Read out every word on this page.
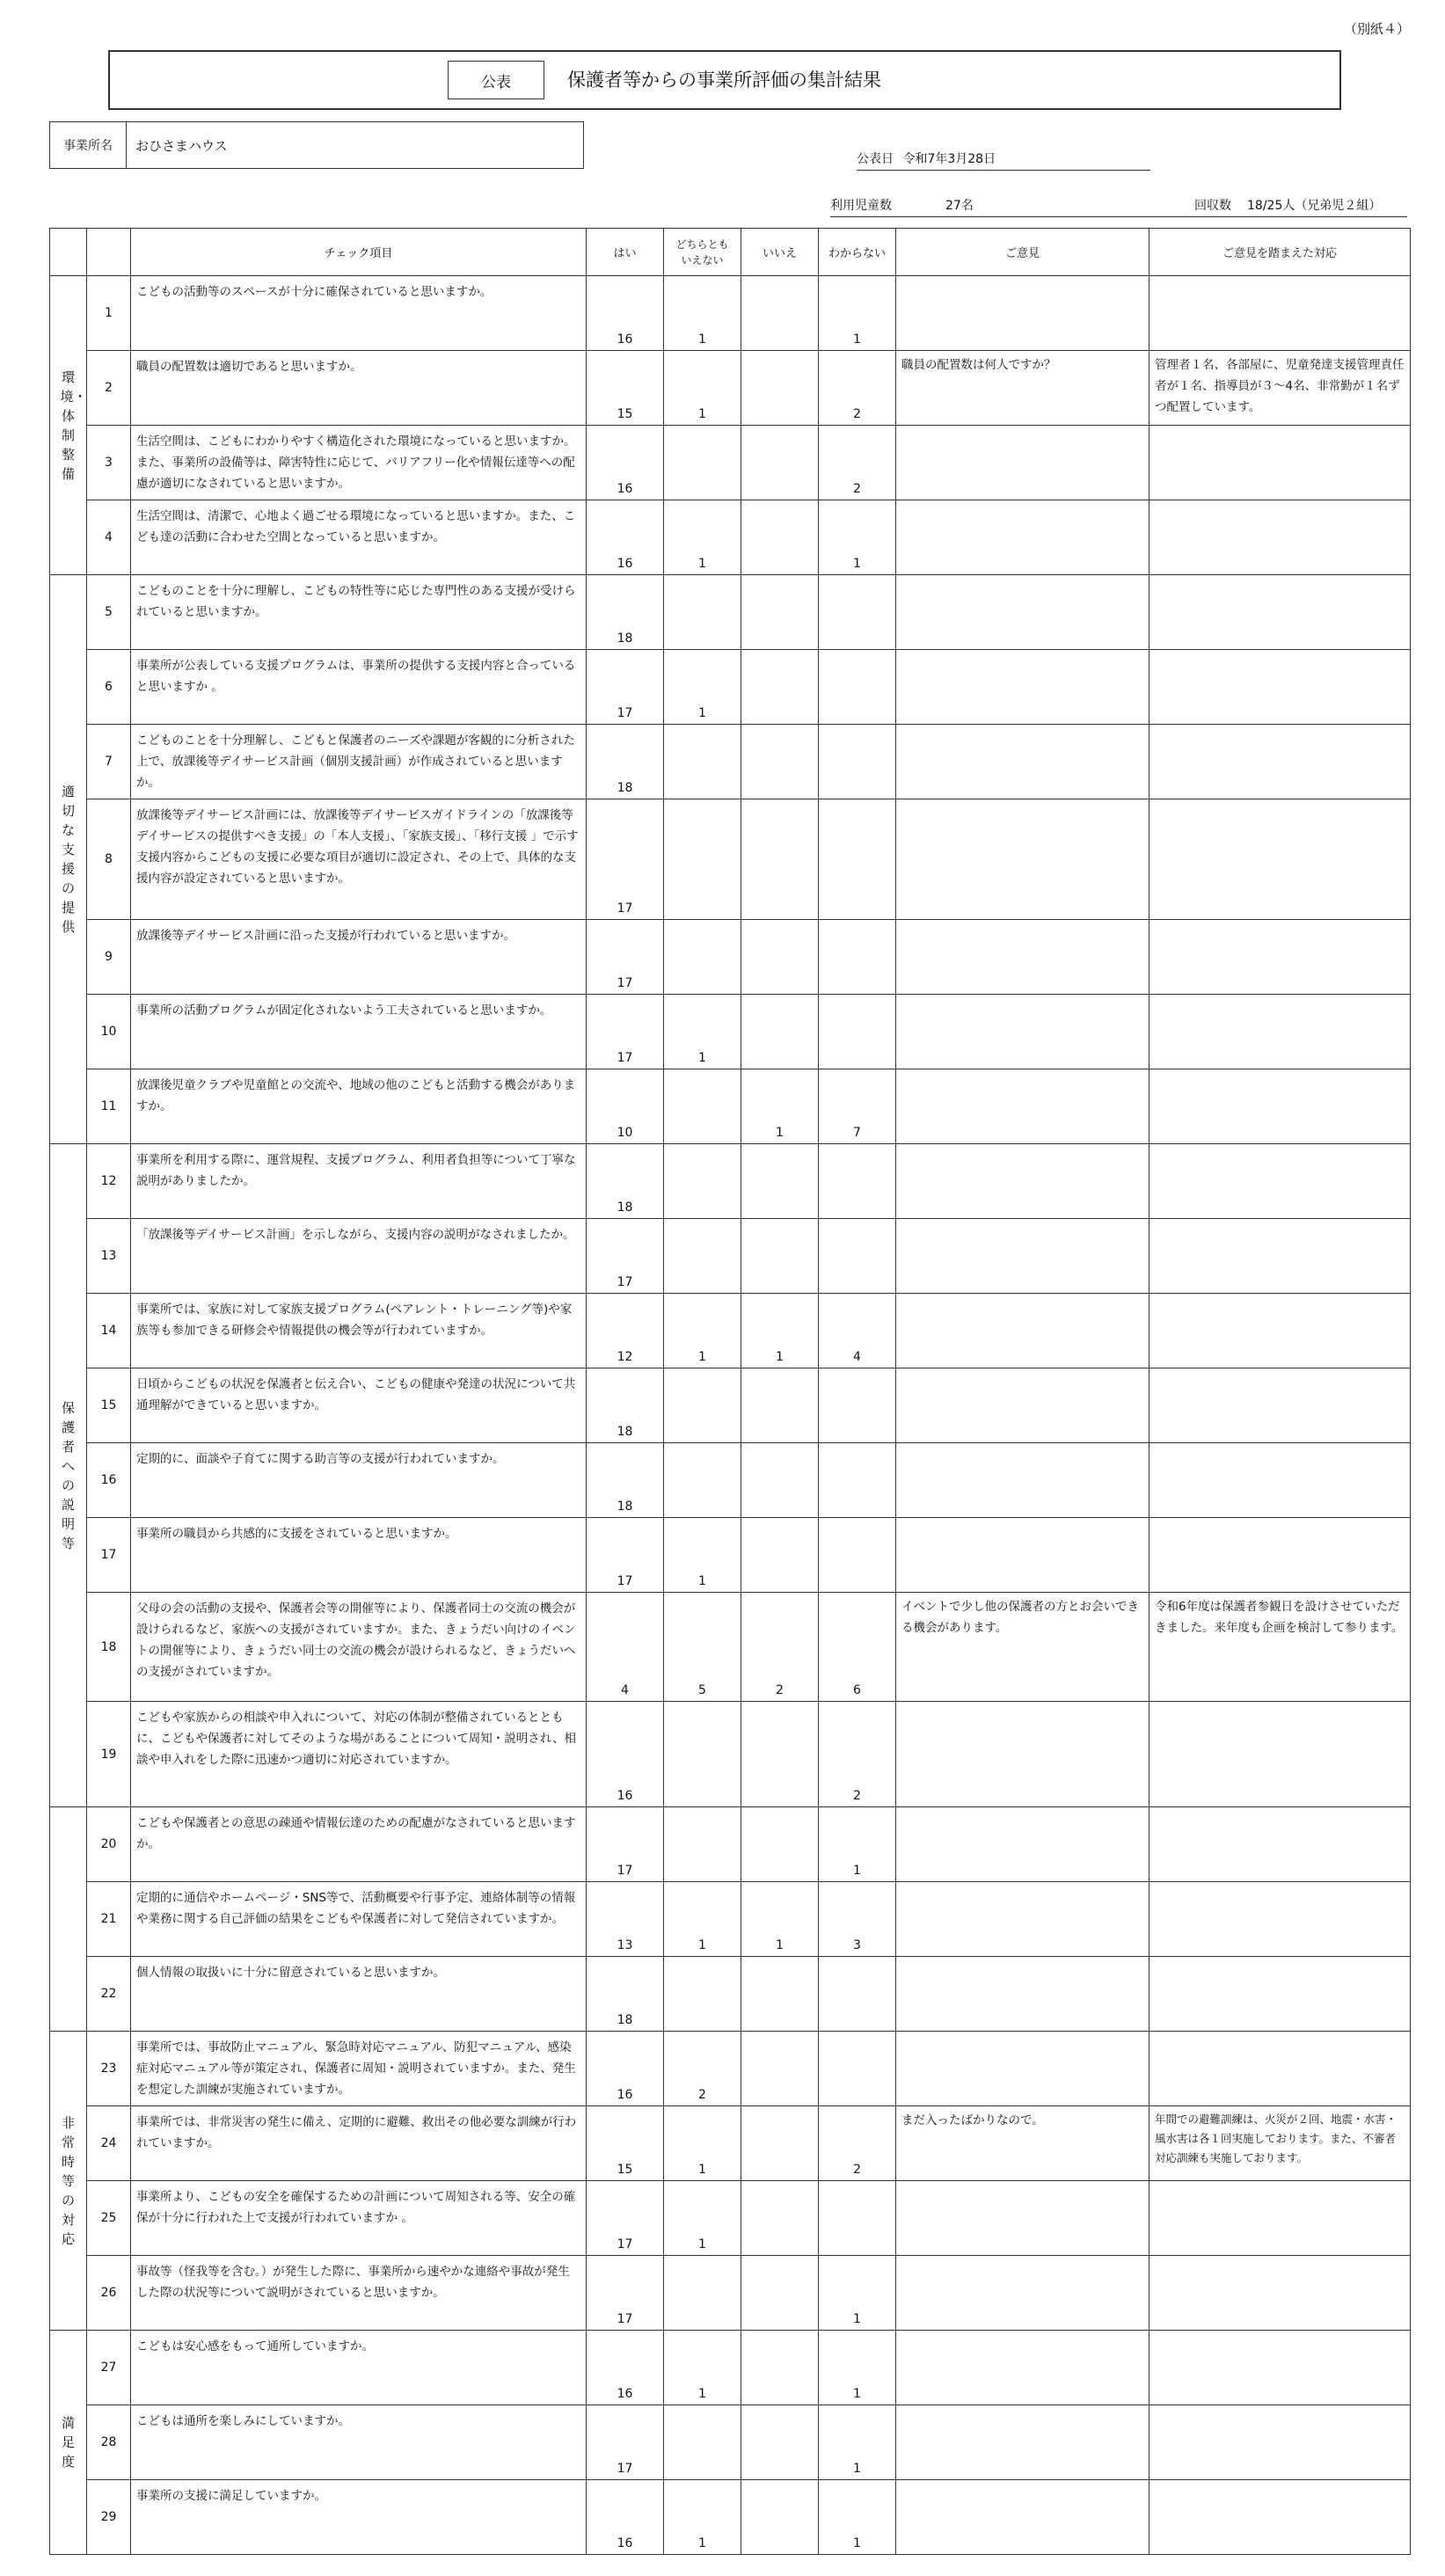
（別紙４）
公表	保護者等からの事業所評価の集計結果
事業所名	おひさまハウス
公表日 令和7年3月28日
利用児童数	27名	回収数 18/25人（兄弟児２組）
		チェック項目	はい	どちらともいえない	いいえ	わからない	ご意見	ご意見を踏まえた対応
環境・体制整備	1	こどもの活動等のスペースが十分に確保されていると思いますか。	16	1		1		
	2	職員の配置数は適切であると思いますか。	15	1		2	職員の配置数は何人ですか？	管理者１名、各部屋に、児童発達支援管理責任者が１名、指導員が３～4名、非常勤が１名ずつ配置しています。
	3	生活空間は、こどもにわかりやすく構造化された環境になっていると思いますか。また、事業所の設備等は、障害特性に応じて、バリアフリー化や情報伝達等への配慮が適切になされていると思いますか。	16			2		
	4	生活空間は、清潔で、心地よく過ごせる環境になっていると思いますか。また、こども達の活動に合わせた空間となっていると思いますか。	16	1		1		
適切な支援の提供	5	こどものことを十分に理解し、こどもの特性等に応じた専門性のある支援が受けられていると思いますか。	18					
	6	事業所が公表している支援プログラムは、事業所の提供する支援内容と合っていると思いますか 。	17	1				
	7	こどものことを十分理解し、こどもと保護者のニーズや課題が客観的に分析された上で、放課後等デイサービス計画（個別支援計画）が作成されていると思いますか。	18					
	8	放課後等デイサービス計画には、放課後等デイサービスガイドラインの「放課後等デイサービスの提供すべき支援」の「本人支援」、「家族支援」、「移行支援 」で示す支援内容からこどもの支援に必要な項目が適切に設定され、その上で、具体的な支援内容が設定されていると思いますか。	17					
	9	放課後等デイサービス計画に沿った支援が行われていると思いますか。	17					
	10	事業所の活動プログラムが固定化されないよう工夫されていると思いますか。	17	1				
	11	放課後児童クラブや児童館との交流や、地域の他のこどもと活動する機会がありますか。	10		1	7		
保護者への説明等	12	事業所を利用する際に、運営規程、支援プログラム、利用者負担等について丁寧な説明がありましたか。	18					
	13	「放課後等デイサービス計画」を示しながら、支援内容の説明がなされましたか。	17					
	14	事業所では、家族に対して家族支援プログラム(ペアレント・トレーニング等)や家族等も参加できる研修会や情報提供の機会等が行われていますか。	12	1	1	4		
	15	日頃からこどもの状況を保護者と伝え合い、こどもの健康や発達の状況について共通理解ができていると思いますか。	18					
	16	定期的に、面談や子育てに関する助言等の支援が行われていますか。	18					
	17	事業所の職員から共感的に支援をされていると思いますか。	17	1				
	18	父母の会の活動の支援や、保護者会等の開催等により、保護者同士の交流の機会が設けられるなど、家族への支援がされていますか。また、きょうだい向けのイベントの開催等により、きょうだい同士の交流の機会が設けられるなど、きょうだいへの支援がされていますか。	4	5	2	6	イベントで少し他の保護者の方とお会いできる機会があります。	令和6年度は保護者参観日を設けさせていただきました。来年度も企画を検討して参ります。
	19	こどもや家族からの相談や申入れについて、対応の体制が整備されているとともに、こどもや保護者に対してそのような場があることについて周知・説明され、相談や申入れをした際に迅速かつ適切に対応されていますか。	16			2		
	20	こどもや保護者との意思の疎通や情報伝達のための配慮がなされていると思いますか。	17			1		
	21	定期的に通信やホームページ・SNS等で、活動概要や行事予定、連絡体制等の情報や業務に関する自己評価の結果をこどもや保護者に対して発信されていますか。	13	1	1	3		
	22	個人情報の取扱いに十分に留意されていると思いますか。	18					
非常時等の対応	23	事業所では、事故防止マニュアル、緊急時対応マニュアル、防犯マニュアル、感染症対応マニュアル等が策定され、保護者に周知・説明されていますか。また、発生を想定した訓練が実施されていますか。	16	2				
	24	事業所では、非常災害の発生に備え、定期的に避難、救出その他必要な訓練が行われていますか。	15	1		2	まだ入ったばかりなので。	年間での避難訓練は、火災が２回、地震・水害・風水害は各１回実施しております。また、不審者対応訓練も実施しております。
	25	事業所より、こどもの安全を確保するための計画について周知される等、安全の確保が十分に行われた上で支援が行われていますか 。	17	1				
	26	事故等（怪我等を含む。）が発生した際に、事業所から速やかな連絡や事故が発生した際の状況等について説明がされていると思いますか。	17			1		
満足度	27	こどもは安心感をもって通所していますか。	16	1		1		
	28	こどもは通所を楽しみにしていますか。	17			1		
	29	事業所の支援に満足していますか。	16	1		1		
